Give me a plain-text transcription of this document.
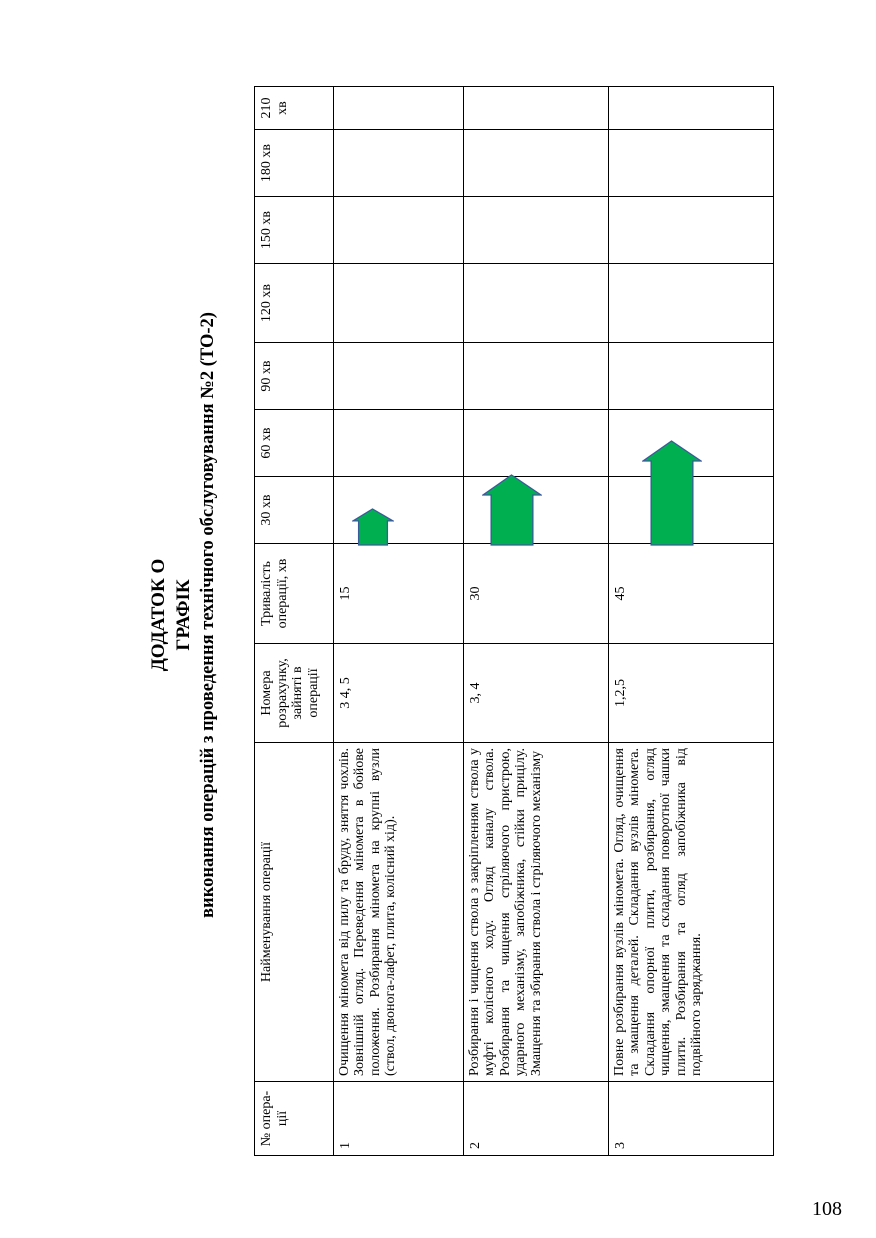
ДОДАТОК О ГРАФІК виконання операцій з проведення технічного обслуговування №2 (ТО-2)
№ опера-ції
Найменування операції
Номера розрахунку, зайняті в операції
Тривалість операції, хв
30 хв
60 хв
90 хв
120 хв
150 хв
180 хв
210 хв
1
Очищення мінометa від пилу та бруду, зняття чохлів. Зовнішній огляд. Переведення мінометa в бойове положення. Розбирання мінометa на крупні вузли (ствол, двонога-лафет, плита, колісний хід).
3 4, 5
15
2
Розбирання і чищення ствола з закріпленням ствола у муфті колісного ходу. Огляд каналу ствола. Розбирання та чищення стріляючого пристрою, ударного механізму, запобіжника, стійки прицілу. Змащення та збирання ствола і стріляючого механізму
3, 4
30
3
Повне розбирання вузлів мінометa. Огляд, очищення та змащення деталей. Складання вузлів мінометa. Складання опорної плити, розбирання, огляд чищення, змащення та складання поворотної чашки плити. Розбирання та огляд запобіжника від подвійного заряджання.
1,2,5
45
108
